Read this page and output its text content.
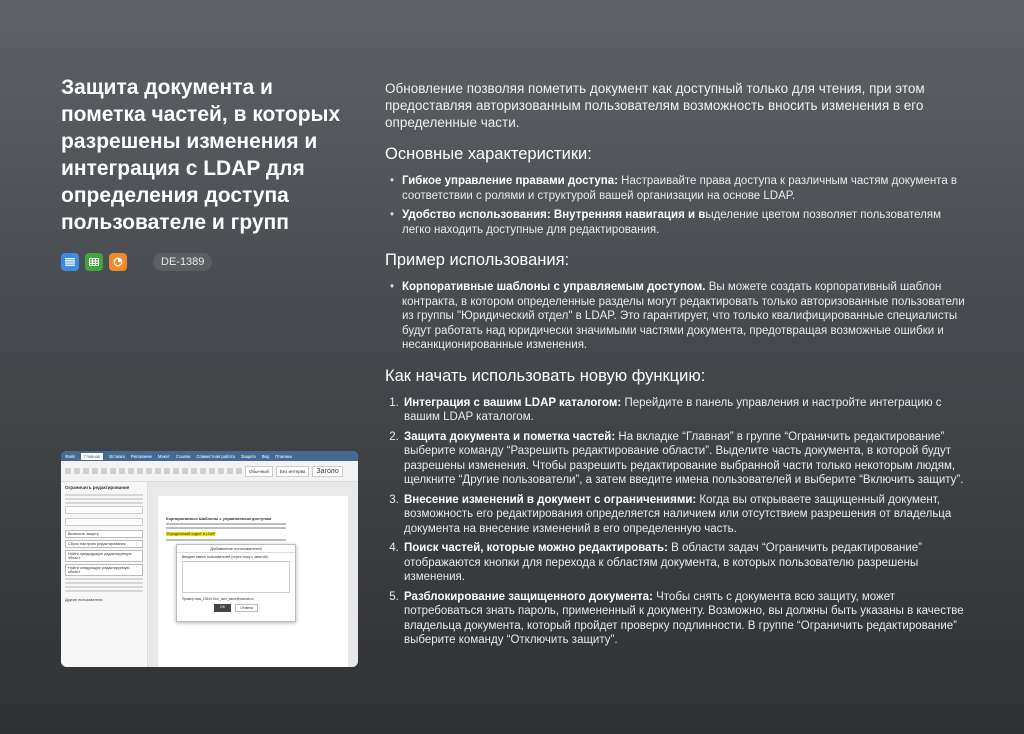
Защита документа и пометка частей, в которых разрешены изменения и интеграция с LDAP для определения доступа пользователе и групп
DE-1389

Обновление позволяя пометить документ как доступный только для чтения, при этом предоставляя авторизованным пользователям возможность вносить изменения в его определенные части.

Основные характеристики:
• Гибкое управление правами доступа: Настраивайте права доступа к различным частям документа в соответствии с ролями и структурой вашей организации на основе LDAP.
• Удобство использования: Внутренняя навигация и выделение цветом позволяет пользователям легко находить доступные для редактирования.
Пример использования:
• Корпоративные шаблоны с управляемым доступом. Вы можете создать корпоративный шаблон контракта, в котором определенные разделы могут редактировать только авторизованные пользователи из группы "Юридический отдел" в LDAP. Это гарантирует, что только квалифицированные специалисты будут работать над юридически значимыми частями документа, предотвращая возможные ошибки и несанкционированные изменения.
Как начать использовать новую функцию:
1. Интеграция с вашим LDAP каталогом: Перейдите в панель управления и настройте интеграцию с вашим LDAP каталогом.
2. Защита документа и пометка частей: На вкладке “Главная” в группе “Ограничить редактирование” выберите команду “Разрешить редактирование области”. Выделите часть документа, в которой будут разрешены изменения. Чтобы разрешить редактирование выбранной части только некоторым людям, щелкните “Другие пользователи”, а затем введите имена пользователей и выберите “Включить защиту”.
3. Внесение изменений в документ с ограничениями: Когда вы открываете защищенный документ, возможность его редактирования определяется наличием или отсутствием разрешения от владельца документа на внесение изменений в его определенную часть.
4. Поиск частей, которые можно редактировать: В области задач “Ограничить редактирование” отображаются кнопки для перехода к областям документа, в которых пользователю разрешены изменения.
5. Разблокирование защищенного документа: Чтобы снять с документа всю защиту, может потребоваться знать пароль, примененный к документу. Возможно, вы должны быть указаны в качестве владельца документа, который пройдет проверку подлинности. В группе “Ограничить редактирование” выберите команду “Отключить защиту”.
Файл	Главная	Вставка Рисование Макет Ссылки Совместная работа Защита Вид Плагины
Обычный	Без интерва	Заголо
Ограничить редактирование
Включить защиту
Сброс настроек редактирования
Найти предыдущую редактируемую област
Найти следующую редактируемую област
Другие пользователи
Корпоративные Шаблоны с управляемым доступом
"Юридический отдел" в LDAP
Добавление пользователей
Введите имена пользователей (через точку с запятой)
Пример: имя_23344;Yoru_user_name@domain.ru
OK	Отмена
